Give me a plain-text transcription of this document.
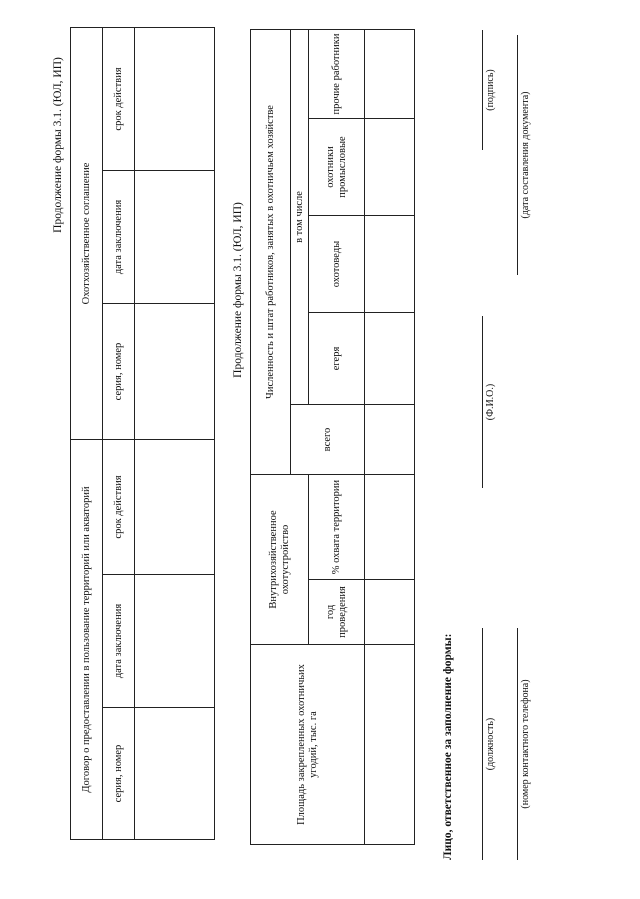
Продолжение формы 3.1. (ЮЛ, ИП)
Договор о предоставлении в пользование территорий или акваторий			Охотхозяйственное соглашение		
серия, номер	дата заключения	срок действия	серия, номер	дата заключения	срок действия

Продолжение формы 3.1. (ЮЛ, ИП)
Площадь закрепленных охотничьих угодий, тыс. га	Внутрихозяйственное охотустройство		Численность и штат работников, занятых в охотничьем хозяйстве				
			всего	в том числе			
	год проведения	% охвата территории		егеря	охотоведы	охотники промысловые	прочие работники

Лицо, ответственное за заполнение формы:	(должность)
(Ф.И.О.)
(подпись)
(номер контактного телефона)
(дата составления документа)
